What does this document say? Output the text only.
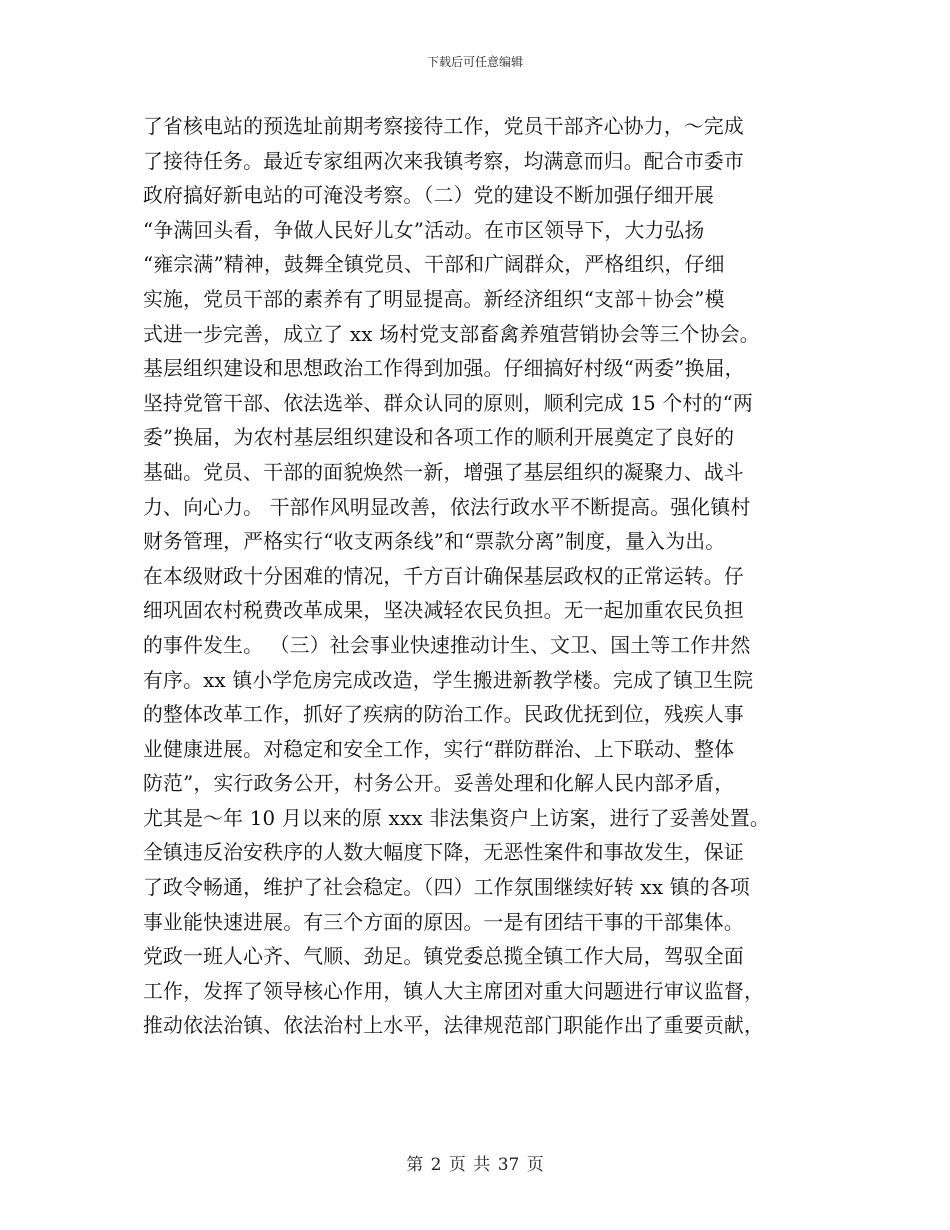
下载后可任意编辑
了省核电站的预选址前期考察接待工作，党员干部齐心协力，～完成
了接待任务。最近专家组两次来我镇考察，均满意而归。配合市委市
政府搞好新电站的可淹没考察。（二）党的建设不断加强仔细开展
“争满回头看，争做人民好儿女”活动。在市区领导下，大力弘扬
“雍宗满”精神，鼓舞全镇党员、干部和广阔群众，严格组织，仔细
实施，党员干部的素养有了明显提高。新经济组织“支部＋协会”模
式进一步完善，成立了 xx 场村党支部畜禽养殖营销协会等三个协会。
基层组织建设和思想政治工作得到加强。仔细搞好村级“两委”换届，
坚持党管干部、依法选举、群众认同的原则，顺利完成 15 个村的“两
委”换届，为农村基层组织建设和各项工作的顺利开展奠定了良好的
基础。党员、干部的面貌焕然一新，增强了基层组织的凝聚力、战斗
力、向心力。 干部作风明显改善，依法行政水平不断提高。强化镇村
财务管理，严格实行“收支两条线”和“票款分离”制度，量入为出。
在本级财政十分困难的情况，千方百计确保基层政权的正常运转。仔
细巩固农村税费改革成果，坚决减轻农民负担。无一起加重农民负担
的事件发生。 （三）社会事业快速推动计生、文卫、国土等工作井然
有序。xx 镇小学危房完成改造，学生搬进新教学楼。完成了镇卫生院
的整体改革工作，抓好了疾病的防治工作。民政优抚到位，残疾人事
业健康进展。对稳定和安全工作，实行“群防群治、上下联动、整体
防范”，实行政务公开，村务公开。妥善处理和化解人民内部矛盾，
尤其是～年 10 月以来的原 xxx 非法集资户上访案，进行了妥善处置。
全镇违反治安秩序的人数大幅度下降，无恶性案件和事故发生，保证
了政令畅通，维护了社会稳定。（四）工作氛围继续好转 xx 镇的各项
事业能快速进展。有三个方面的原因。一是有团结干事的干部集体。
党政一班人心齐、气顺、劲足。镇党委总揽全镇工作大局，驾驭全面
工作，发挥了领导核心作用，镇人大主席团对重大问题进行审议监督，
推动依法治镇、依法治村上水平，法律规范部门职能作出了重要贡献，
第 2 页 共 37 页
